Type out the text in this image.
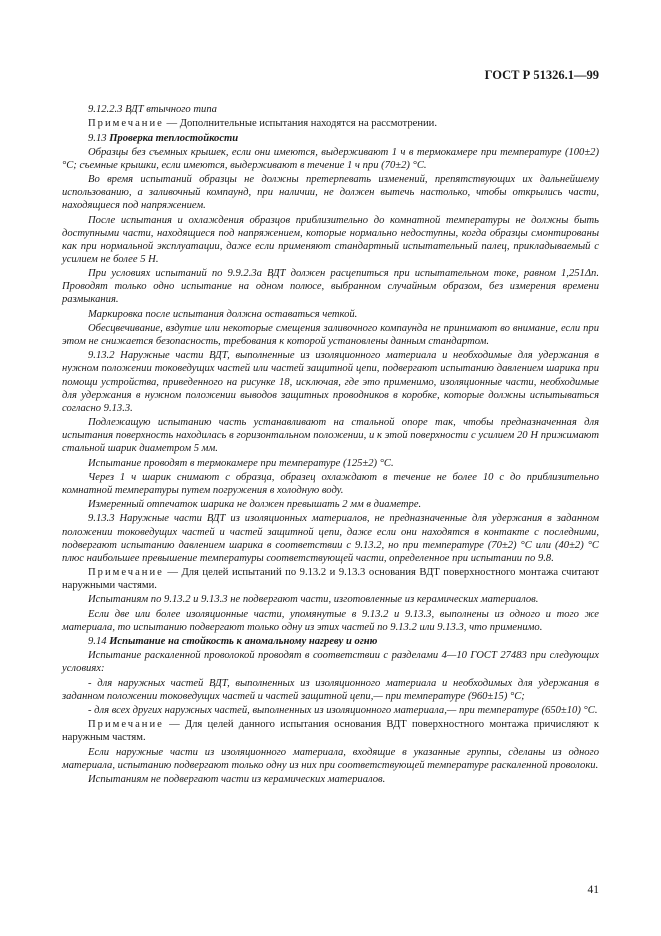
ГОСТ Р 51326.1—99

9.12.2.3 ВДТ втычного типа

Примечание — Дополнительные испытания находятся на рассмотрении.

9.13 Проверка теплостойкости

Образцы без съемных крышек, если они имеются, выдерживают 1 ч в термокамере при температуре (100±2) °С; съемные крышки, если имеются, выдерживают в течение 1 ч при (70±2) °С.

Во время испытаний образцы не должны претерпевать изменений, препятствующих их дальнейшему использованию, а заливочный компаунд, при наличии, не должен вытечь настолько, чтобы открылись части, находящиеся под напряжением.

После испытания и охлаждения образцов приблизительно до комнатной температуры не должны быть доступными части, находящиеся под напряжением, которые нормально недоступны, когда образцы смонтированы как при нормальной эксплуатации, даже если применяют стандартный испытательный палец, прикладываемый с усилием не более 5 Н.

При условиях испытаний по 9.9.2.3а ВДТ должен расцепиться при испытательном токе, равном 1,251Δn. Проводят только одно испытание на одном полюсе, выбранном случайным образом, без измерения времени размыкания.

Маркировка после испытания должна оставаться четкой.

Обесцвечивание, вздутие или некоторые смещения заливочного компаунда не принимают во внимание, если при этом не снижается безопасность, требования к которой установлены данным стандартом.

9.13.2 Наружные части ВДТ, выполненные из изоляционного материала и необходимые для удержания в нужном положении токоведущих частей или частей защитной цепи, подвергают испытанию давлением шарика при помощи устройства, приведенного на рисунке 18, исключая, где это применимо, изоляционные части, необходимые для удержания в нужном положении выводов защитных проводников в коробке, которые должны испытываться согласно 9.13.3.

Подлежащую испытанию часть устанавливают на стальной опоре так, чтобы предназначенная для испытания поверхность находилась в горизонтальном положении, и к этой поверхности с усилием 20 Н прижимают стальной шарик диаметром 5 мм.

Испытание проводят в термокамере при температуре (125±2) °С.

Через 1 ч шарик снимают с образца, образец охлаждают в течение не более 10 с до приблизительно комнатной температуры путем погружения в холодную воду.

Измеренный отпечаток шарика не должен превышать 2 мм в диаметре.

9.13.3 Наружные части ВДТ из изоляционных материалов, не предназначенные для удержания в заданном положении токоведущих частей и частей защитной цепи, даже если они находятся в контакте с последними, подвергают испытанию давлением шарика в соответствии с 9.13.2, но при температуре (70±2) °С или (40±2) °С плюс наибольшее превышение температуры соответствующей части, определенное при испытании по 9.8.

Примечание — Для целей испытаний по 9.13.2 и 9.13.3 основания ВДТ поверхностного монтажа считают наружными частями.

Испытаниям по 9.13.2 и 9.13.3 не подвергают части, изготовленные из керамических материалов.

Если две или более изоляционные части, упомянутые в 9.13.2 и 9.13.3, выполнены из одного и того же материала, то испытанию подвергают только одну из этих частей по 9.13.2 или 9.13.3, что применимо.

9.14 Испытание на стойкость к аномальному нагреву и огню

Испытание раскаленной проволокой проводят в соответствии с разделами 4—10 ГОСТ 27483 при следующих условиях:

- для наружных частей ВДТ, выполненных из изоляционного материала и необходимых для удержания в заданном положении токоведущих частей и частей защитной цепи,— при температуре (960±15) °С;

- для всех других наружных частей, выполненных из изоляционного материала,— при температуре (650±10) °С.

Примечание — Для целей данного испытания основания ВДТ поверхностного монтажа причисляют к наружным частям.

Если наружные части из изоляционного материала, входящие в указанные группы, сделаны из одного материала, испытанию подвергают только одну из них при соответствующей температуре раскаленной проволоки.

Испытаниям не подвергают части из керамических материалов.

41
